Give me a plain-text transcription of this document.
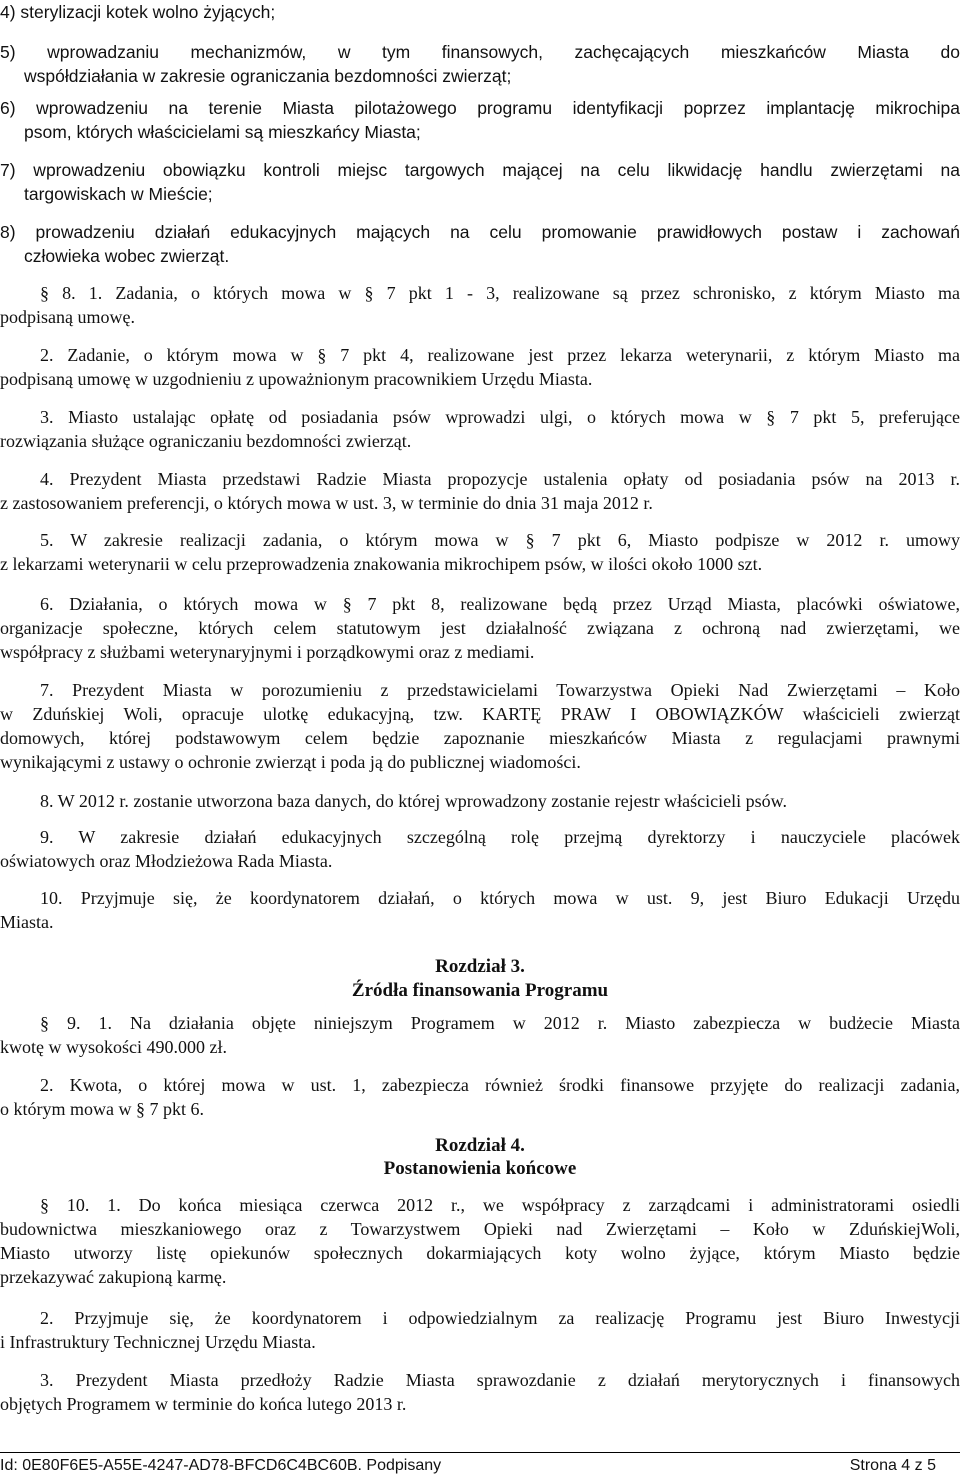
4) sterylizacji kotek wolno żyjących;
5) wprowadzaniu mechanizmów, w tym finansowych, zachęcających mieszkańców Miasta do
współdziałania w zakresie ograniczania bezdomności zwierząt;
6) wprowadzeniu na terenie Miasta pilotażowego programu identyfikacji poprzez implantację mikrochipa
psom, których właścicielami są mieszkańcy Miasta;
7) wprowadzeniu obowiązku kontroli miejsc targowych mającej na celu likwidację handlu zwierzętami na
targowiskach w Mieście;
8) prowadzeniu działań edukacyjnych mających na celu promowanie prawidłowych postaw i zachowań
człowieka wobec zwierząt.
§ 8. 1. Zadania, o których mowa w § 7 pkt 1 - 3, realizowane są przez schronisko, z którym Miasto ma
podpisaną umowę.
2. Zadanie, o którym mowa w § 7 pkt 4, realizowane jest przez lekarza weterynarii, z którym Miasto ma
podpisaną umowę w uzgodnieniu z upoważnionym pracownikiem Urzędu Miasta.
3. Miasto ustalając opłatę od posiadania psów wprowadzi ulgi, o których mowa w § 7 pkt 5, preferujące
rozwiązania służące ograniczaniu bezdomności zwierząt.
4. Prezydent Miasta przedstawi Radzie Miasta propozycje ustalenia opłaty od posiadania psów na 2013 r.
z zastosowaniem preferencji, o których mowa w ust. 3, w terminie do dnia 31 maja 2012 r.
5. W zakresie realizacji zadania, o którym mowa w § 7 pkt 6, Miasto podpisze w 2012 r. umowy
z lekarzami weterynarii w celu przeprowadzenia znakowania mikrochipem psów, w ilości około 1000 szt.
6. Działania, o których mowa w § 7 pkt 8, realizowane będą przez Urząd Miasta, placówki oświatowe,
organizacje społeczne, których celem statutowym jest działalność związana z ochroną nad zwierzętami, we
współpracy z służbami weterynaryjnymi i porządkowymi oraz z mediami.
7. Prezydent Miasta w porozumieniu z przedstawicielami Towarzystwa Opieki Nad Zwierzętami – Koło
w Zduńskiej Woli, opracuje ulotkę edukacyjną, tzw. KARTĘ PRAW I OBOWIĄZKÓW właścicieli zwierząt
domowych, której podstawowym celem będzie zapoznanie mieszkańców Miasta z regulacjami prawnymi
wynikającymi z ustawy o ochronie zwierząt i poda ją do publicznej wiadomości.
8. W 2012 r. zostanie utworzona baza danych, do której wprowadzony zostanie rejestr właścicieli psów.
9. W zakresie działań edukacyjnych szczególną rolę przejmą dyrektorzy i nauczyciele placówek
oświatowych oraz Młodzieżowa Rada Miasta.
10. Przyjmuje się, że koordynatorem działań, o których mowa w ust. 9, jest Biuro Edukacji Urzędu
Miasta.
Rozdział 3.
Źródła finansowania Programu
§ 9. 1. Na działania objęte niniejszym Programem w 2012 r. Miasto zabezpiecza w budżecie Miasta
kwotę w wysokości 490.000 zł.
2. Kwota, o której mowa w ust. 1, zabezpiecza również środki finansowe przyjęte do realizacji zadania,
o którym mowa w § 7 pkt 6.
Rozdział 4.
Postanowienia końcowe
§ 10. 1. Do końca miesiąca czerwca 2012 r., we współpracy z zarządcami i administratorami osiedli
budownictwa mieszkaniowego oraz z Towarzystwem Opieki nad Zwierzętami – Koło w ZduńskiejWoli,
Miasto utworzy listę opiekunów społecznych dokarmiających koty wolno żyjące, którym Miasto będzie
przekazywać zakupioną karmę.
2. Przyjmuje się, że koordynatorem i odpowiedzialnym za realizację Programu jest Biuro Inwestycji
i Infrastruktury Technicznej Urzędu Miasta.
3. Prezydent Miasta przedłoży Radzie Miasta sprawozdanie z działań merytorycznych i finansowych
objętych Programem w terminie do końca lutego 2013 r.
Id: 0E80F6E5-A55E-4247-AD78-BFCD6C4BC60B. Podpisany	Strona 4 z 5
